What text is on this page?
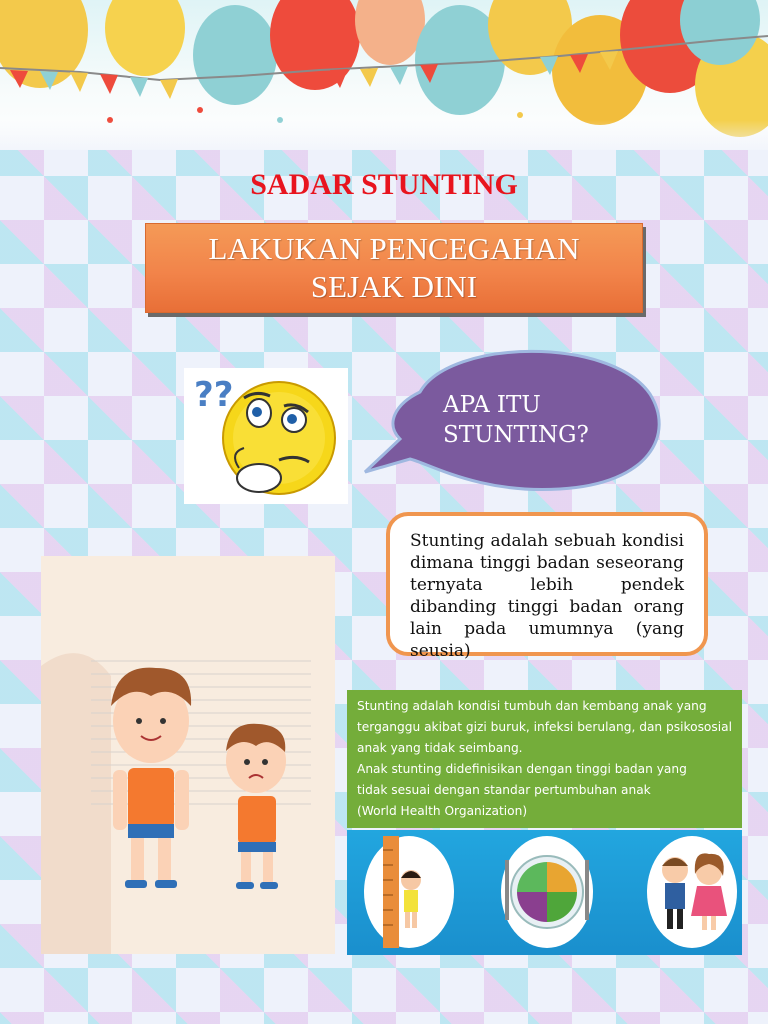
SADAR STUNTING
LAKUKAN PENCEGAHAN
SEJAK DINI
??	APA ITU
STUNTING?
Stunting adalah sebuah kondisi dimana tinggi badan seseorang ternyata lebih pendek dibanding tinggi badan orang lain pada umumnya (yang seusia)

Stunting adalah kondisi tumbuh dan kembang anak yang

terganggu akibat gizi buruk, infeksi berulang, dan psikososial

anak yang tidak seimbang.

Anak stunting didefinisikan dengan tinggi badan yang

tidak sesuai dengan standar pertumbuhan anak

(World Health Organization)
